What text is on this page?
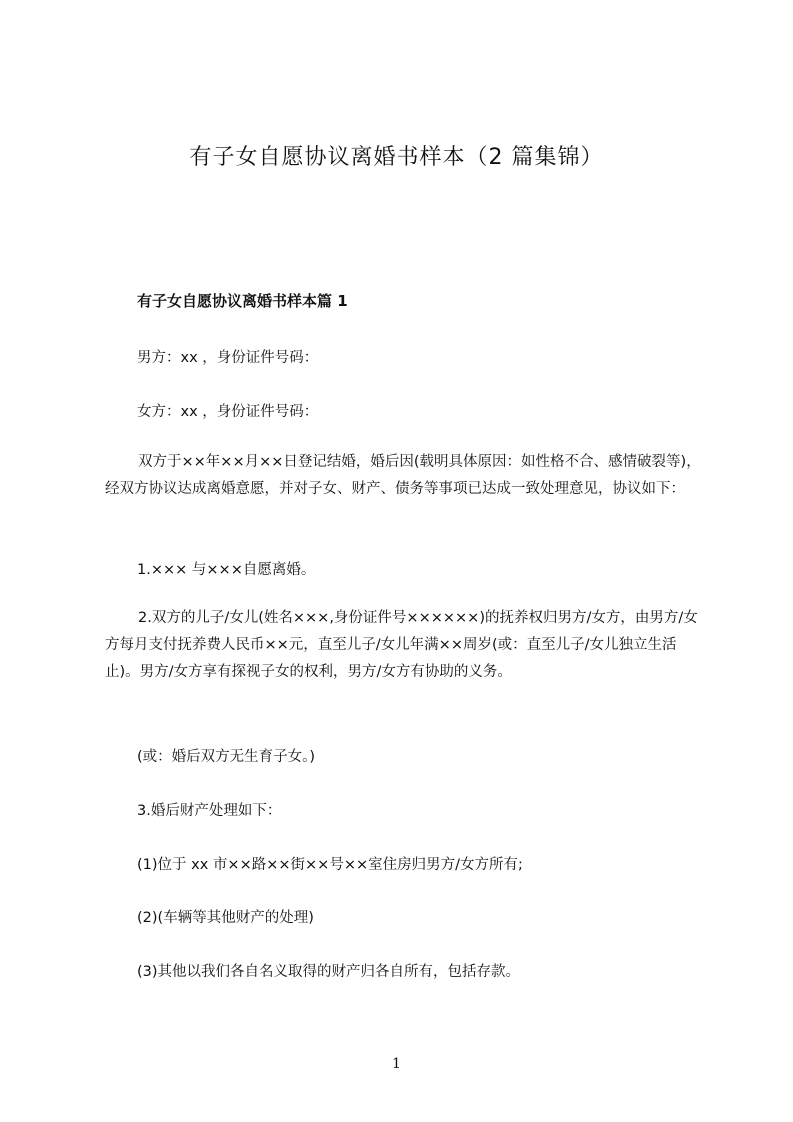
有子女自愿协议离婚书样本（2 篇集锦）
有子女自愿协议离婚书样本篇 1

男方：xx ，身份证件号码：

女方：xx ，身份证件号码：

双方于××年××月××日登记结婚，婚后因(载明具体原因：如性格不合、感情破裂等)，经双方协议达成离婚意愿，并对子女、财产、债务等事项已达成一致处理意见，协议如下：

1.××× 与×××自愿离婚。

2.双方的儿子/女儿(姓名×××,身份证件号××××××)的抚养权归男方/女方，由男方/女方每月支付抚养费人民币××元，直至儿子/女儿年满××周岁(或：直至儿子/女儿独立生活止)。男方/女方享有探视子女的权利，男方/女方有协助的义务。

(或：婚后双方无生育子女。)

3.婚后财产处理如下：

(1)位于 xx 市××路××街××号××室住房归男方/女方所有;

(2)(车辆等其他财产的处理)

(3)其他以我们各自名义取得的财产归各自所有，包括存款。

1
